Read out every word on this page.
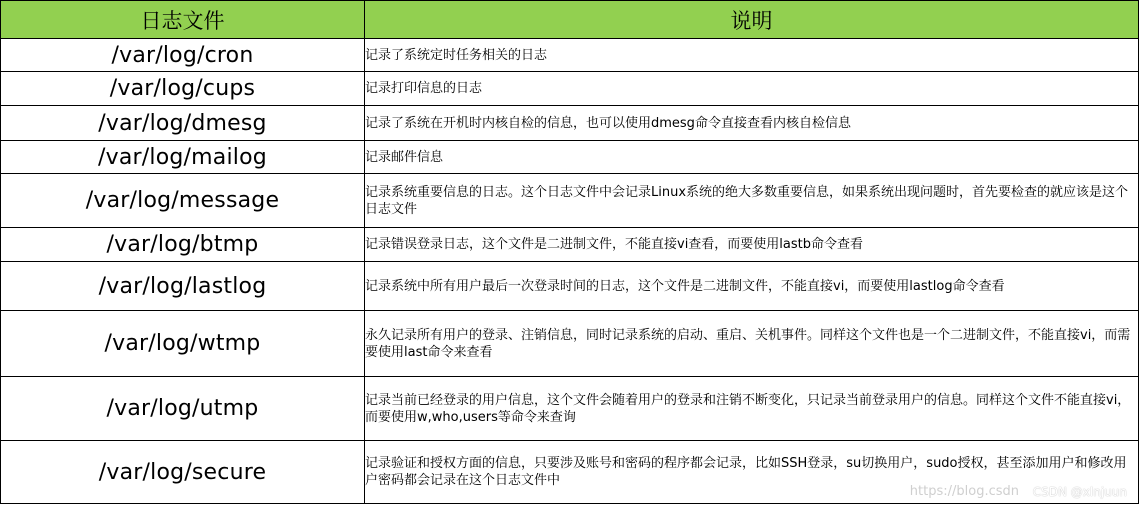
日志文件	说明
/var/log/cron	记录了系统定时任务相关的日志
/var/log/cups	记录打印信息的日志
/var/log/dmesg	记录了系统在开机时内核自检的信息，也可以使用dmesg命令直接查看内核自检信息
/var/log/mailog	记录邮件信息
/var/log/message	记录系统重要信息的日志。这个日志文件中会记录Linux系统的绝大多数重要信息，如果系统出现问题时，首先要检查的就应该是这个日志文件
/var/log/btmp	记录错误登录日志，这个文件是二进制文件，不能直接vi查看，而要使用lastb命令查看
/var/log/lastlog	记录系统中所有用户最后一次登录时间的日志，这个文件是二进制文件，不能直接vi，而要使用lastlog命令查看
/var/log/wtmp	永久记录所有用户的登录、注销信息，同时记录系统的启动、重启、关机事件。同样这个文件也是一个二进制文件，不能直接vi，而需要使用last命令来查看
/var/log/utmp	记录当前已经登录的用户信息，这个文件会随着用户的登录和注销不断变化，只记录当前登录用户的信息。同样这个文件不能直接vi，而要使用w,who,users等命令来查询
/var/log/secure	记录验证和授权方面的信息，只要涉及账号和密码的程序都会记录，比如SSH登录，su切换用户，sudo授权，甚至添加用户和修改用户密码都会记录在这个日志文件中
https://blog.csdn CSDN @xlnjuun
